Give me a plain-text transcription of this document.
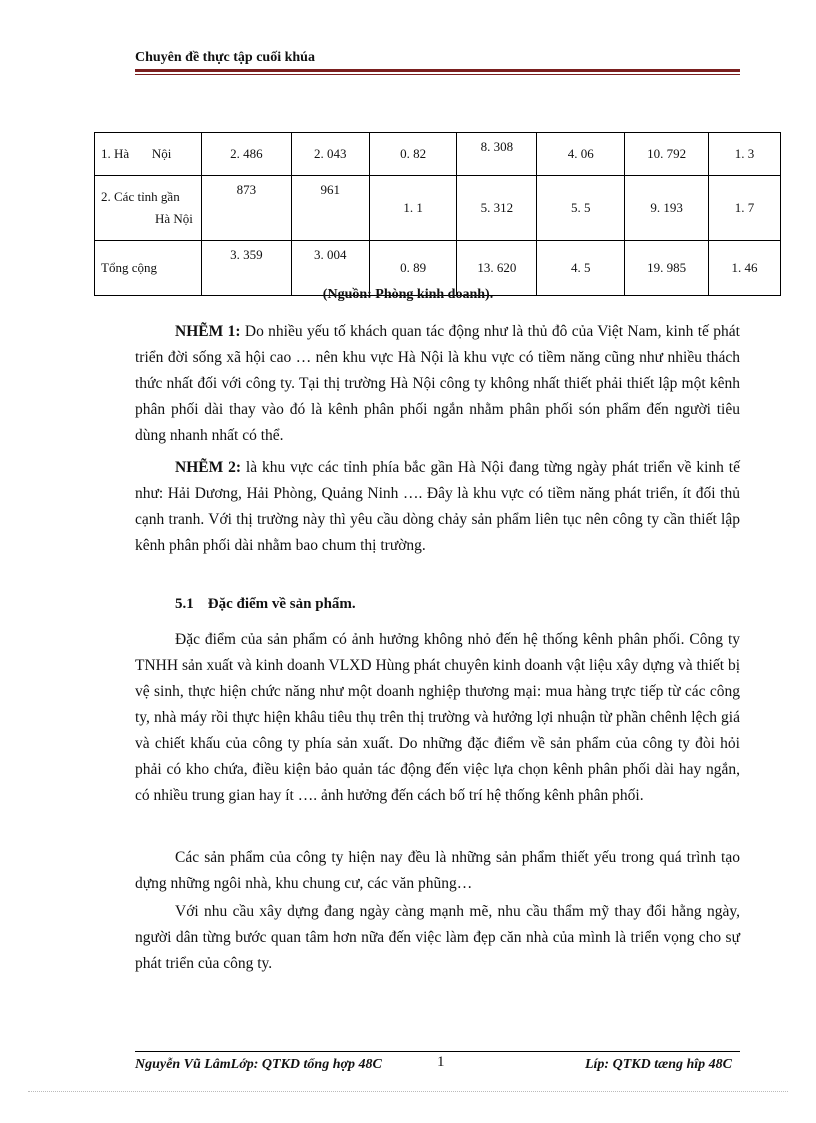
Chuyên đề thực tập cuối khúa
1. Hà       Nội	2. 486	2. 043	0. 82	8. 308	4. 06	10. 792	1. 3

2. Các tỉnh gần
Hà Nội	873	961	1. 1	5. 312	5. 5	9. 193	1. 7
Tổng cộng	3. 359	3. 004	0. 89	13. 620	4. 5	19. 985	1. 46
(Nguồn: Phòng kinh doanh).

NHẼM 1: Do nhiều yếu tố khách quan tác động như là thủ đô của Việt Nam, kinh tế phát triển đời sống xã hội cao … nên khu vực Hà Nội là khu vực có tiềm năng cũng như nhiều thách thức nhất đối với công ty. Tại thị trường Hà Nội công ty không nhất thiết phải thiết lập một kênh phân phối dài thay vào đó là kênh phân phối ngắn nhằm phân phối són phẩm đến người tiêu dùng nhanh nhất có thể.

NHẼM 2: là khu vực các tỉnh phía bắc gần Hà Nội đang từng ngày phát triển về kinh tế như: Hải Dương, Hải Phòng, Quảng Ninh …. Đây là khu vực có tiềm năng phát triển, ít đối thủ cạnh tranh. Với thị trường này thì yêu cầu dòng chảy sản phẩm liên tục nên công ty cần thiết lập kênh phân phối dài nhằm bao chum thị trường.

5.1 Đặc điểm về sản phẩm.

Đặc điểm của sản phẩm có ảnh hưởng không nhỏ đến hệ thống kênh phân phối. Công ty TNHH sản xuất và kinh doanh VLXD Hùng phát chuyên kinh doanh vật liệu xây dựng và thiết bị vệ sinh, thực hiện chức năng như một doanh nghiệp thương mại: mua hàng trực tiếp từ các công ty, nhà máy rồi thực hiện khâu tiêu thụ trên thị trường và hưởng lợi nhuận từ phần chênh lệch giá và chiết khấu của công ty phía sản xuất. Do những đặc điểm về sản phẩm của công ty đòi hỏi phải có kho chứa, điều kiện bảo quản tác động đến việc lựa chọn kênh phân phối dài hay ngắn, có nhiều trung gian hay ít …. ảnh hưởng đến cách bố trí hệ thống kênh phân phối.

Các sản phẩm của công ty hiện nay đều là những sản phẩm thiết yếu trong quá trình tạo dựng những ngôi nhà, khu chung cư, các văn phũng…

Với nhu cầu xây dựng đang ngày càng mạnh mẽ, nhu cầu thẩm mỹ thay đổi hằng ngày, người dân từng bước quan tâm hơn nữa đến việc làm đẹp căn nhà của mình là triển vọng cho sự phát triển của công ty.

Nguyễn Vũ LâmLớp: QTKD tổng hợp 48C	1	Líp: QTKD tæng hîp 48C
